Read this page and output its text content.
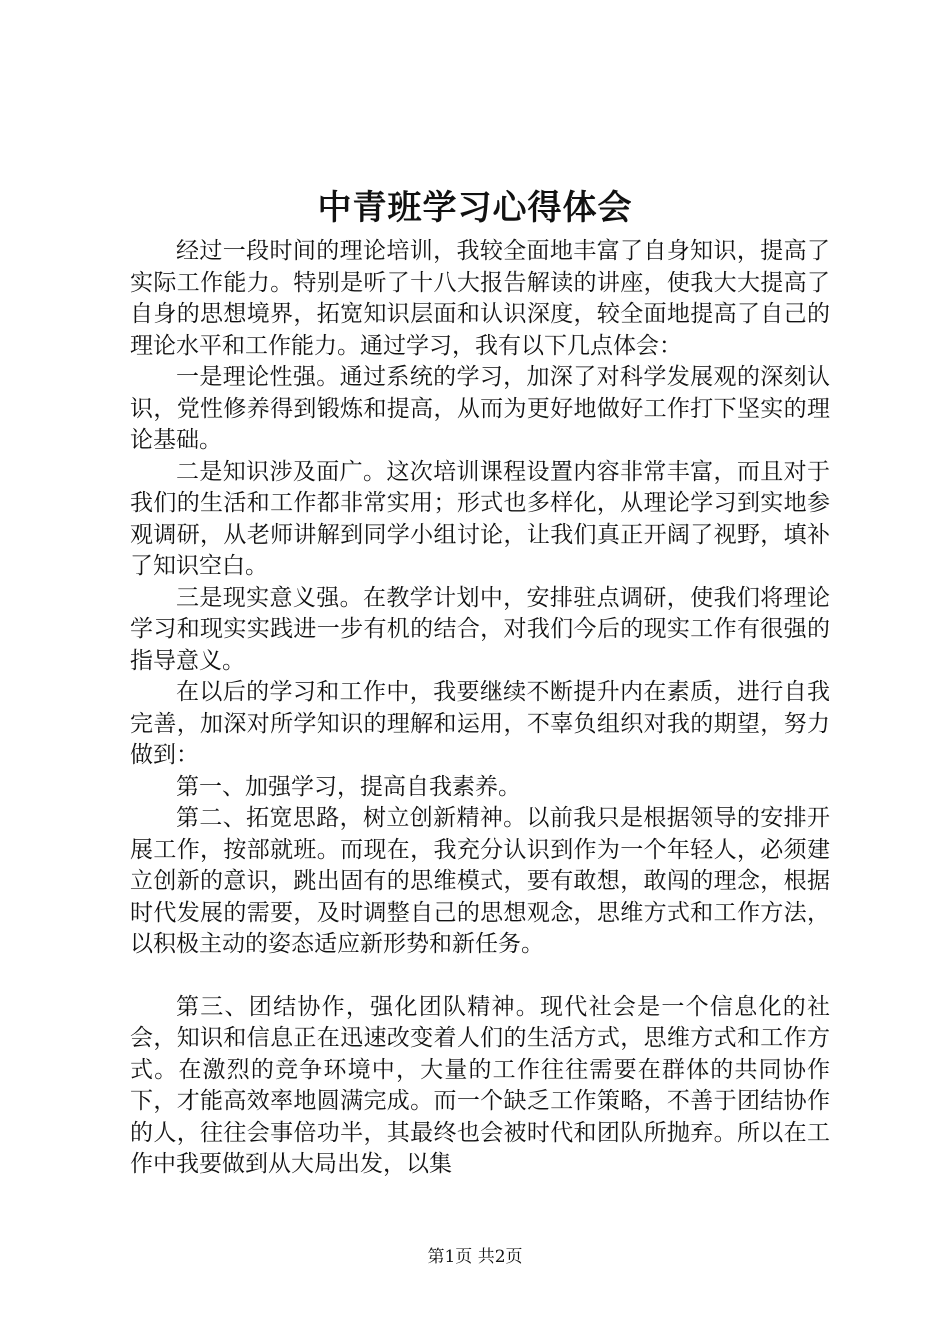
中青班学习心得体会

经过一段时间的理论培训，我较全面地丰富了自身知识，提高了实际工作能力。特别是听了十八大报告解读的讲座，使我大大提高了自身的思想境界，拓宽知识层面和认识深度，较全面地提高了自己的理论水平和工作能力。通过学习，我有以下几点体会：

一是理论性强。通过系统的学习，加深了对科学发展观的深刻认识，党性修养得到锻炼和提高，从而为更好地做好工作打下坚实的理论基础。

二是知识涉及面广。这次培训课程设置内容非常丰富，而且对于我们的生活和工作都非常实用；形式也多样化，从理论学习到实地参观调研，从老师讲解到同学小组讨论，让我们真正开阔了视野，填补了知识空白。

三是现实意义强。在教学计划中，安排驻点调研，使我们将理论学习和现实实践进一步有机的结合，对我们今后的现实工作有很强的指导意义。

在以后的学习和工作中，我要继续不断提升内在素质，进行自我完善，加深对所学知识的理解和运用，不辜负组织对我的期望，努力做到：

第一、加强学习，提高自我素养。

第二、拓宽思路，树立创新精神。以前我只是根据领导的安排开展工作，按部就班。而现在，我充分认识到作为一个年轻人，必须建立创新的意识，跳出固有的思维模式，要有敢想，敢闯的理念，根据时代发展的需要，及时调整自己的思想观念，思维方式和工作方法，以积极主动的姿态适应新形势和新任务。

第三、团结协作，强化团队精神。现代社会是一个信息化的社会，知识和信息正在迅速改变着人们的生活方式，思维方式和工作方式。在激烈的竞争环境中，大量的工作往往需要在群体的共同协作下，才能高效率地圆满完成。而一个缺乏工作策略，不善于团结协作的人，往往会事倍功半，其最终也会被时代和团队所抛弃。所以在工作中我要做到从大局出发，以集

第1页 共2页
